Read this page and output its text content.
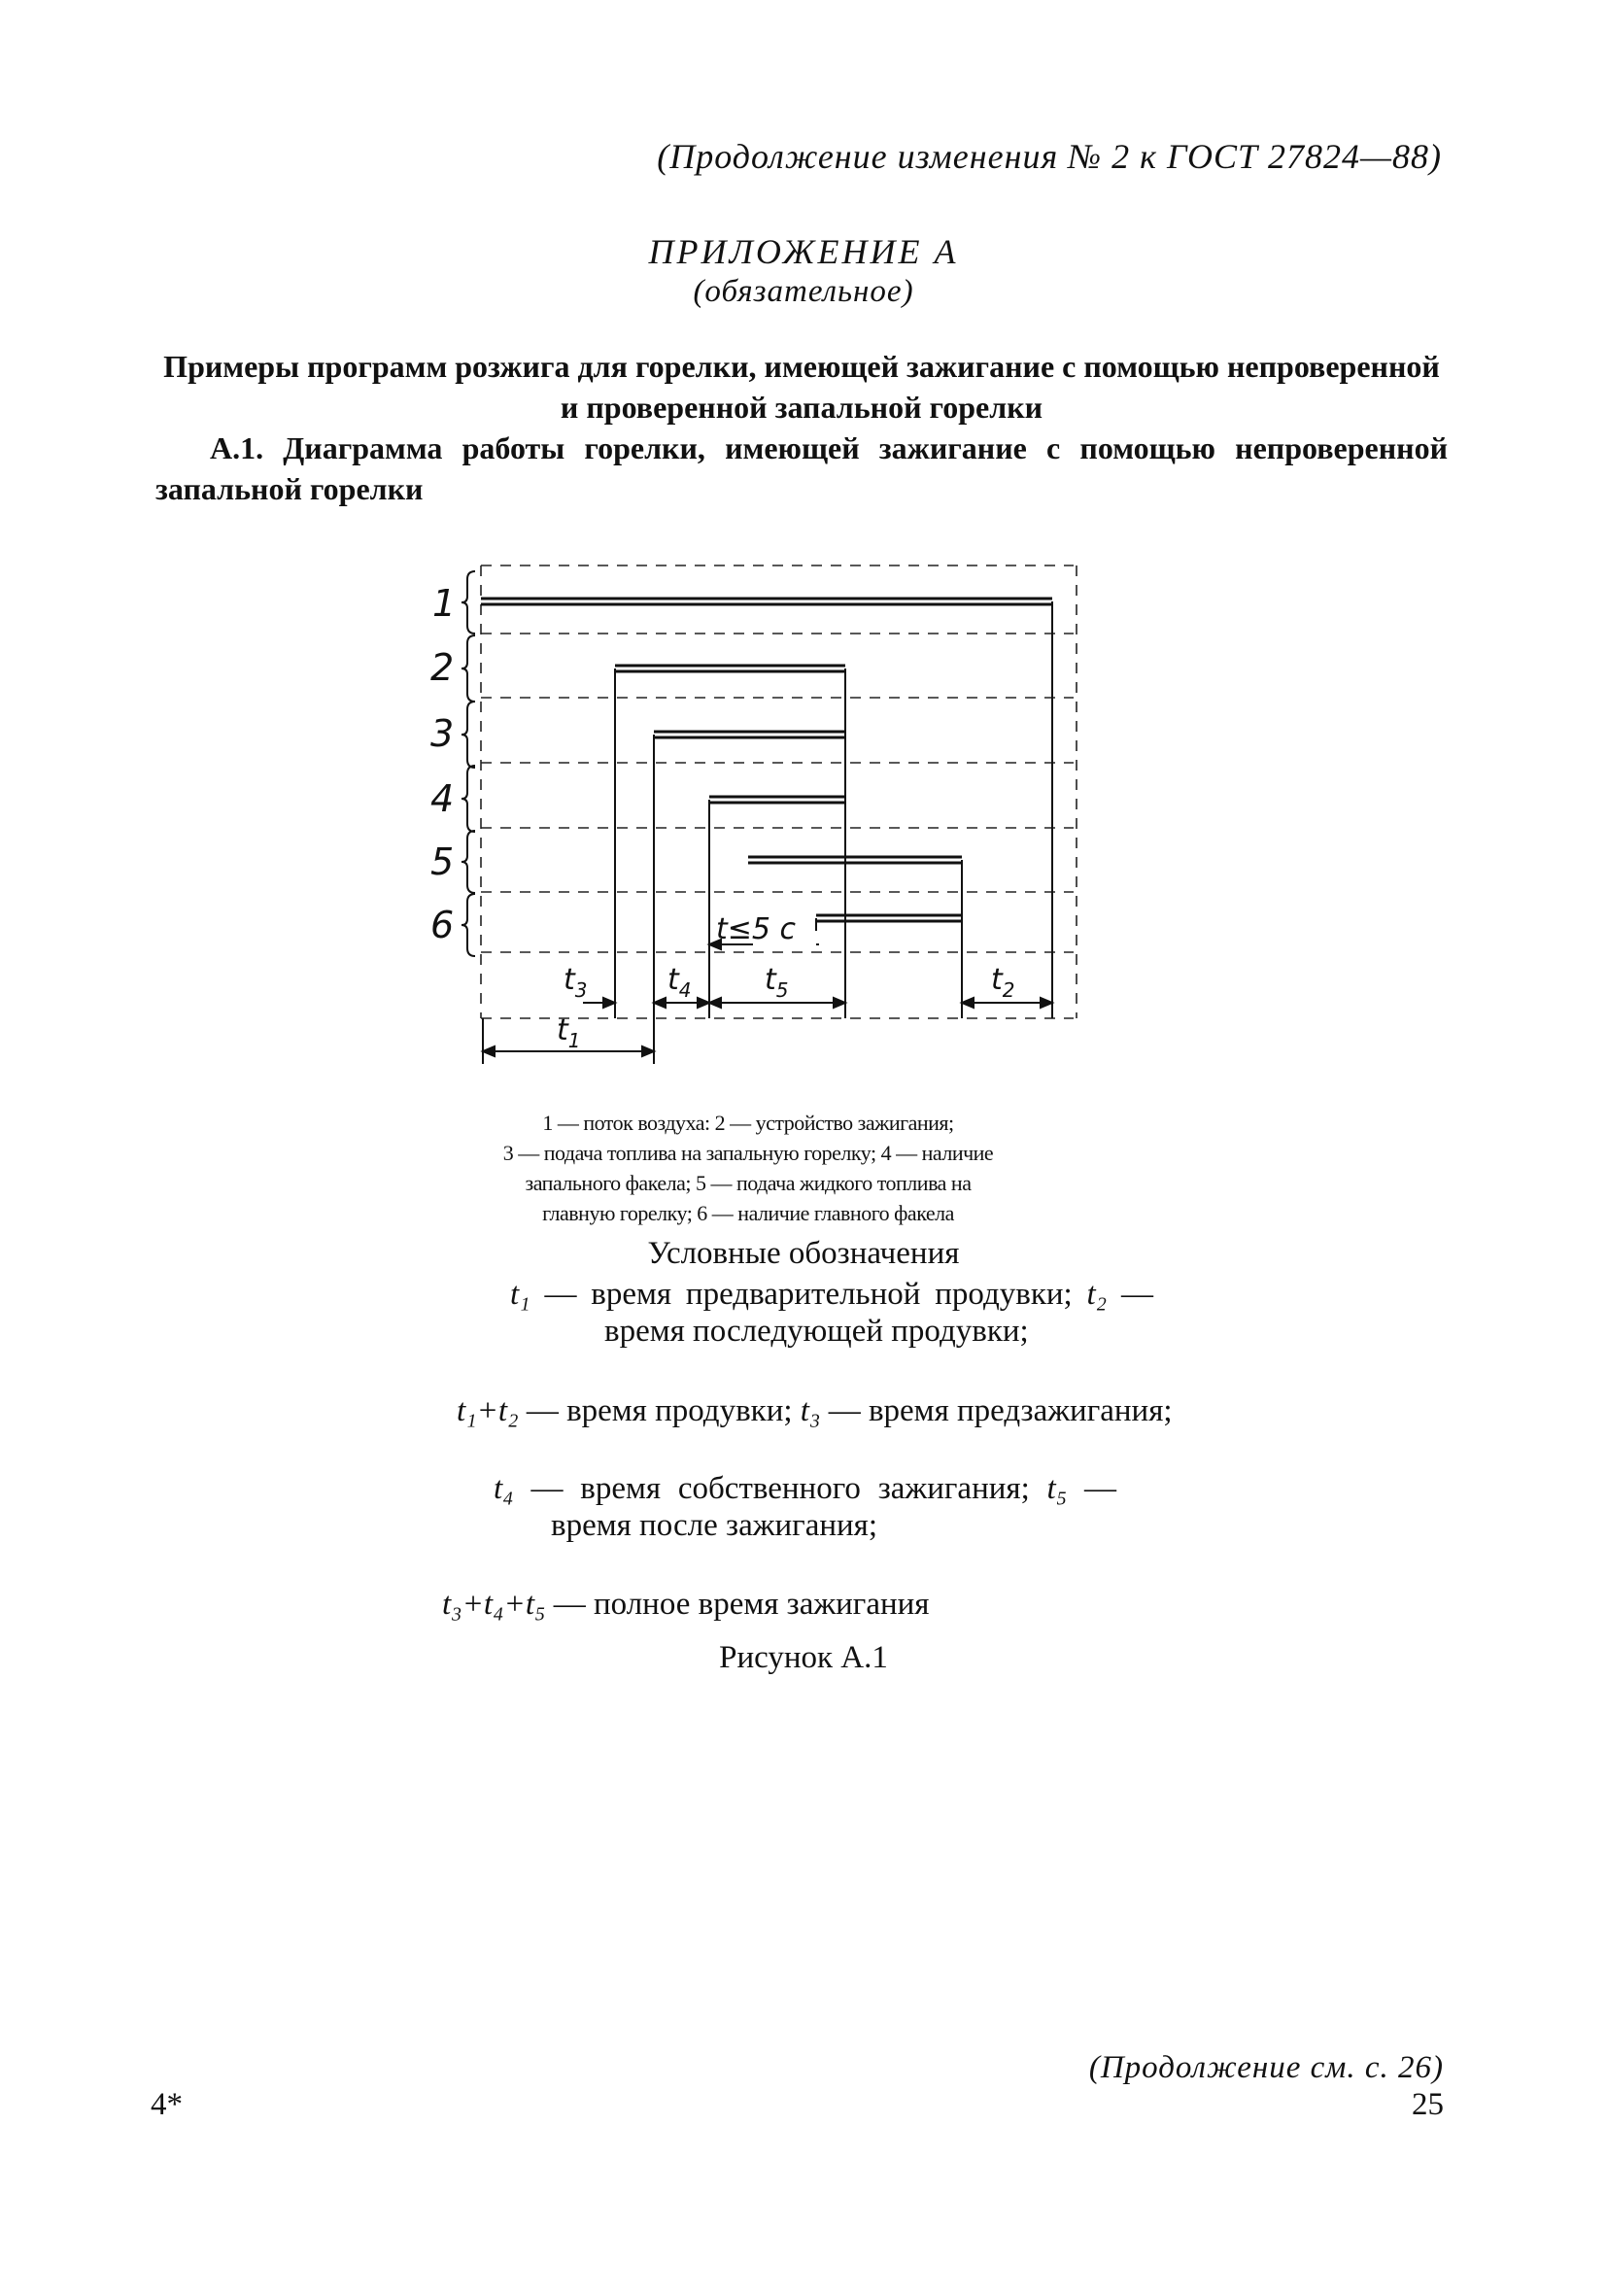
(Продолжение изменения № 2 к ГОСТ 27824—88)
ПРИЛОЖЕНИЕ А
(обязательное)
Примеры программ розжига для горелки, имеющей зажигание с помощью непроверенной и проверенной запальной горелки
А.1. Диаграмма работы горелки, имеющей зажигание с помощью непроверенной запальной горелки
1
2
3
4
5
6
$t_3$	$t_4$	$t_5$	$t_2$
$t_1$
t≤5 с
1 — поток воздуха: 2 — устройство зажигания;
3 — подача топлива на запальную горелку; 4 — наличие
запального факела; 5 — подача жидкого топлива на
главную горелку; 6 — наличие главного факела
Условные обозначения
t₁ — время предварительной продувки; t₂ — время последующей продувки;
t₁+t₂ — время продувки; t₃ — время предзажигания;
t₄ — время собственного зажигания; t₅ — время после зажигания;
t₃+t₄+t₅ — полное время зажигания
Рисунок А.1
(Продолжение см. с. 26)
4*	25
